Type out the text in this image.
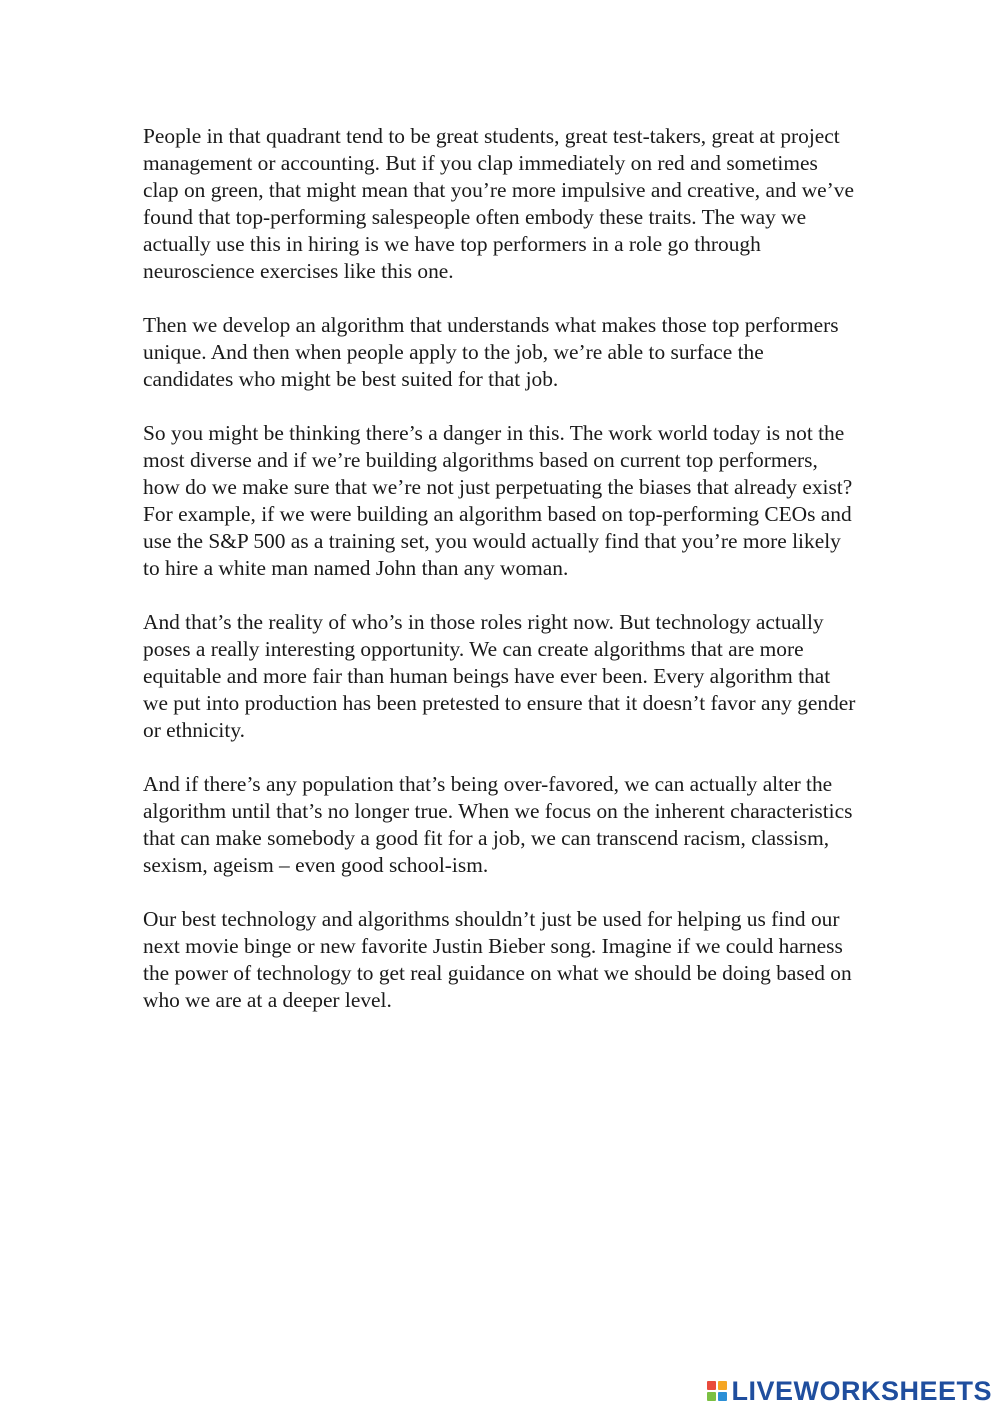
People in that quadrant tend to be great students, great test-takers, great at project
management or accounting. But if you clap immediately on red and sometimes
clap on green, that might mean that you’re more impulsive and creative, and we’ve
found that top-performing salespeople often embody these traits. The way we
actually use this in hiring is we have top performers in a role go through
neuroscience exercises like this one.
Then we develop an algorithm that understands what makes those top performers
unique. And then when people apply to the job, we’re able to surface the
candidates who might be best suited for that job.
So you might be thinking there’s a danger in this. The work world today is not the
most diverse and if we’re building algorithms based on current top performers,
how do we make sure that we’re not just perpetuating the biases that already exist?
For example, if we were building an algorithm based on top-performing CEOs and
use the S&P 500 as a training set, you would actually find that you’re more likely
to hire a white man named John than any woman.
And that’s the reality of who’s in those roles right now. But technology actually
poses a really interesting opportunity. We can create algorithms that are more
equitable and more fair than human beings have ever been. Every algorithm that
we put into production has been pretested to ensure that it doesn’t favor any gender
or ethnicity.
And if there’s any population that’s being over-favored, we can actually alter the
algorithm until that’s no longer true. When we focus on the inherent characteristics
that can make somebody a good fit for a job, we can transcend racism, classism,
sexism, ageism – even good school-ism.
Our best technology and algorithms shouldn’t just be used for helping us find our
next movie binge or new favorite Justin Bieber song. Imagine if we could harness
the power of technology to get real guidance on what we should be doing based on
who we are at a deeper level.
LIVEWORKSHEETS
